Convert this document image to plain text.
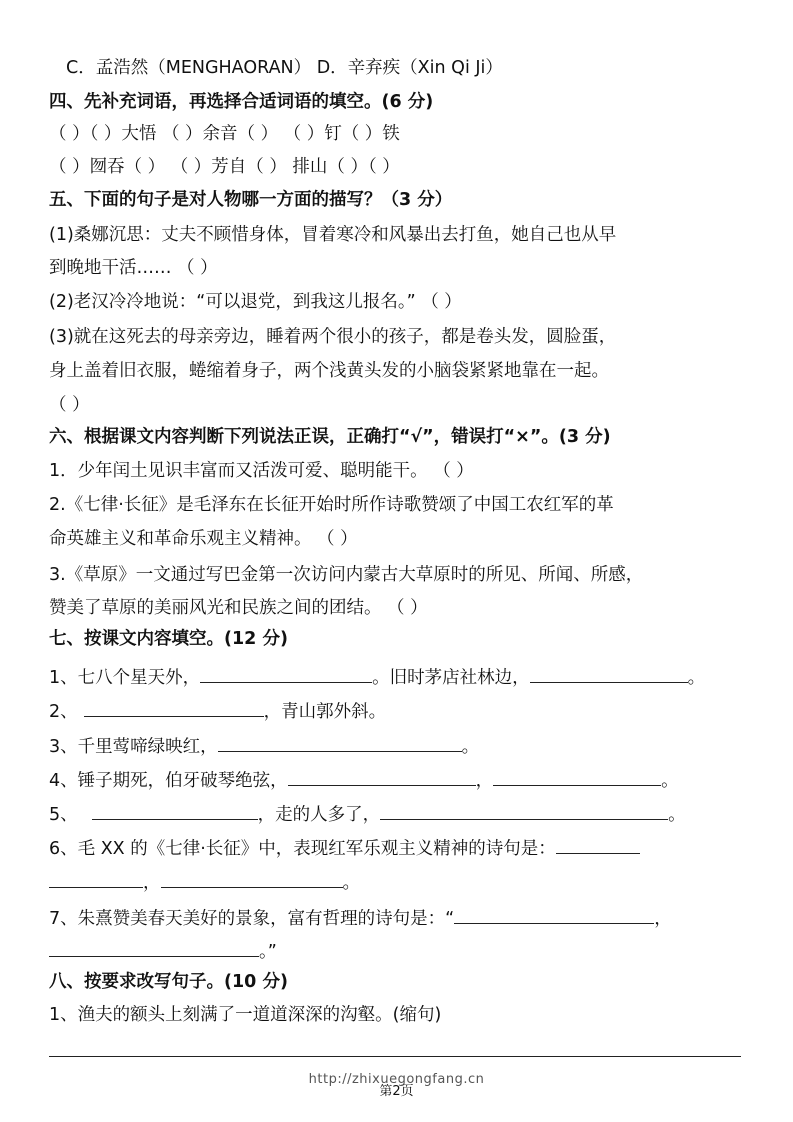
C．孟浩然（MENGHAORAN） D．辛弃疾（Xin Qi Ji）
四、先补充词语，再选择合适词语的填空。(6 分)
（ ）（ ）大悟 （ ）余音（ ） （ ）钉（ ）铁
（ ）囫吞（ ） （ ）芳自（ ） 排山（ ）（ ）
五、下面的句子是对人物哪一方面的描写？（3 分）
(1)桑娜沉思：丈夫不顾惜身体，冒着寒冷和风暴出去打鱼，她自己也从早
到晚地干活…… （ ）
(2)老汉冷冷地说：“可以退党，到我这儿报名。” （ ）
(3)就在这死去的母亲旁边，睡着两个很小的孩子，都是卷头发，圆脸蛋，
身上盖着旧衣服，蜷缩着身子，两个浅黄头发的小脑袋紧紧地靠在一起。
（ ）
六、根据课文内容判断下列说法正误，正确打“√”，错误打“×”。(3 分)
1．少年闰土见识丰富而又活泼可爱、聪明能干。 （ ）
2.《七律·长征》是毛泽东在长征开始时所作诗歌赞颂了中国工农红军的革
命英雄主义和革命乐观主义精神。 （ ）
3.《草原》一文通过写巴金第一次访问内蒙古大草原时的所见、所闻、所感，
赞美了草原的美丽风光和民族之间的团结。 （ ）
七、按课文内容填空。(12 分)
1、七八个星天外，	。旧时茅店社林边，	。
2、	，青山郭外斜。
3、千里莺啼绿映红，	。
4、锤子期死，伯牙破琴绝弦，	，	。
5、	，走的人多了，	。
6、毛 XX 的《七律·长征》中，表现红军乐观主义精神的诗句是：
，	。
7、朱熹赞美春天美好的景象，富有哲理的诗句是：“	，
。”
八、按要求改写句子。(10 分)
1、渔夫的额头上刻满了一道道深深的沟壑。(缩句)
http://zhixuegongfang.cn
第2页
